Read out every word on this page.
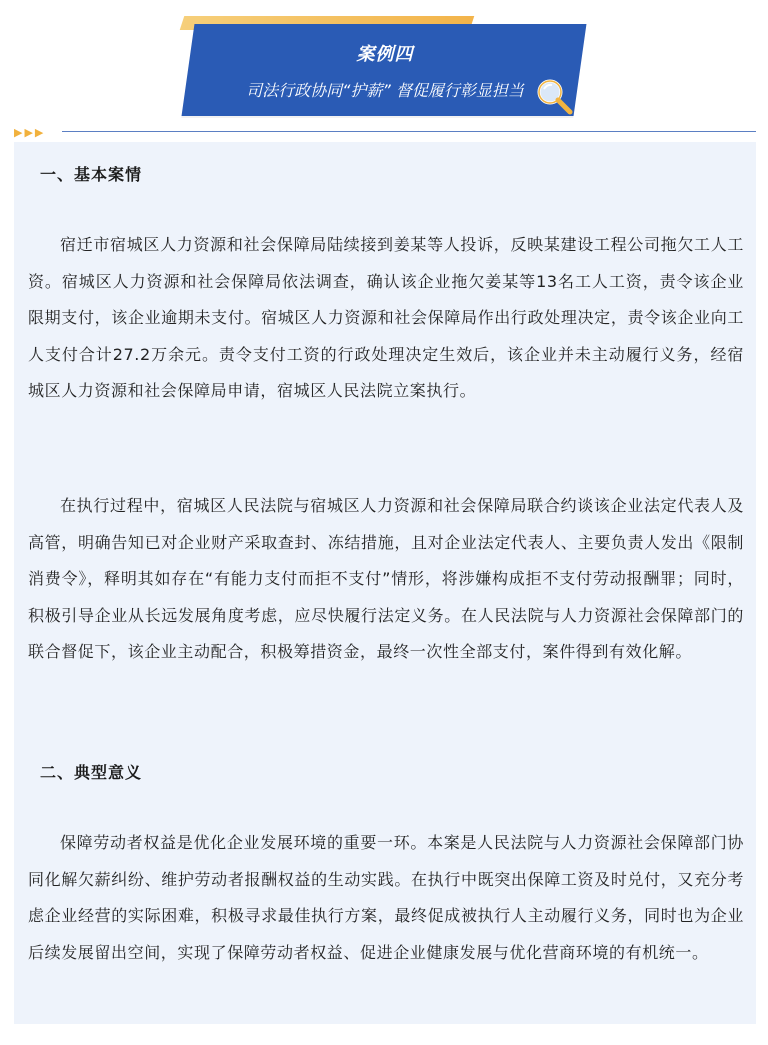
案例四
司法行政协同“护薪” 督促履行彰显担当
▶▶▶
一、基本案情
宿迁市宿城区人力资源和社会保障局陆续接到姜某等人投诉，反映某建设工程公司拖欠工人工资。宿城区人力资源和社会保障局依法调查，确认该企业拖欠姜某等13名工人工资，责令该企业限期支付，该企业逾期未支付。宿城区人力资源和社会保障局作出行政处理决定，责令该企业向工人支付合计27.2万余元。责令支付工资的行政处理决定生效后，该企业并未主动履行义务，经宿城区人力资源和社会保障局申请，宿城区人民法院立案执行。
在执行过程中，宿城区人民法院与宿城区人力资源和社会保障局联合约谈该企业法定代表人及高管，明确告知已对企业财产采取查封、冻结措施，且对企业法定代表人、主要负责人发出《限制消费令》，释明其如存在“有能力支付而拒不支付”情形，将涉嫌构成拒不支付劳动报酬罪；同时，积极引导企业从长远发展角度考虑，应尽快履行法定义务。在人民法院与人力资源社会保障部门的联合督促下，该企业主动配合，积极筹措资金，最终一次性全部支付，案件得到有效化解。
二、典型意义
保障劳动者权益是优化企业发展环境的重要一环。本案是人民法院与人力资源社会保障部门协同化解欠薪纠纷、维护劳动者报酬权益的生动实践。在执行中既突出保障工资及时兑付，又充分考虑企业经营的实际困难，积极寻求最佳执行方案，最终促成被执行人主动履行义务，同时也为企业后续发展留出空间，实现了保障劳动者权益、促进企业健康发展与优化营商环境的有机统一。
